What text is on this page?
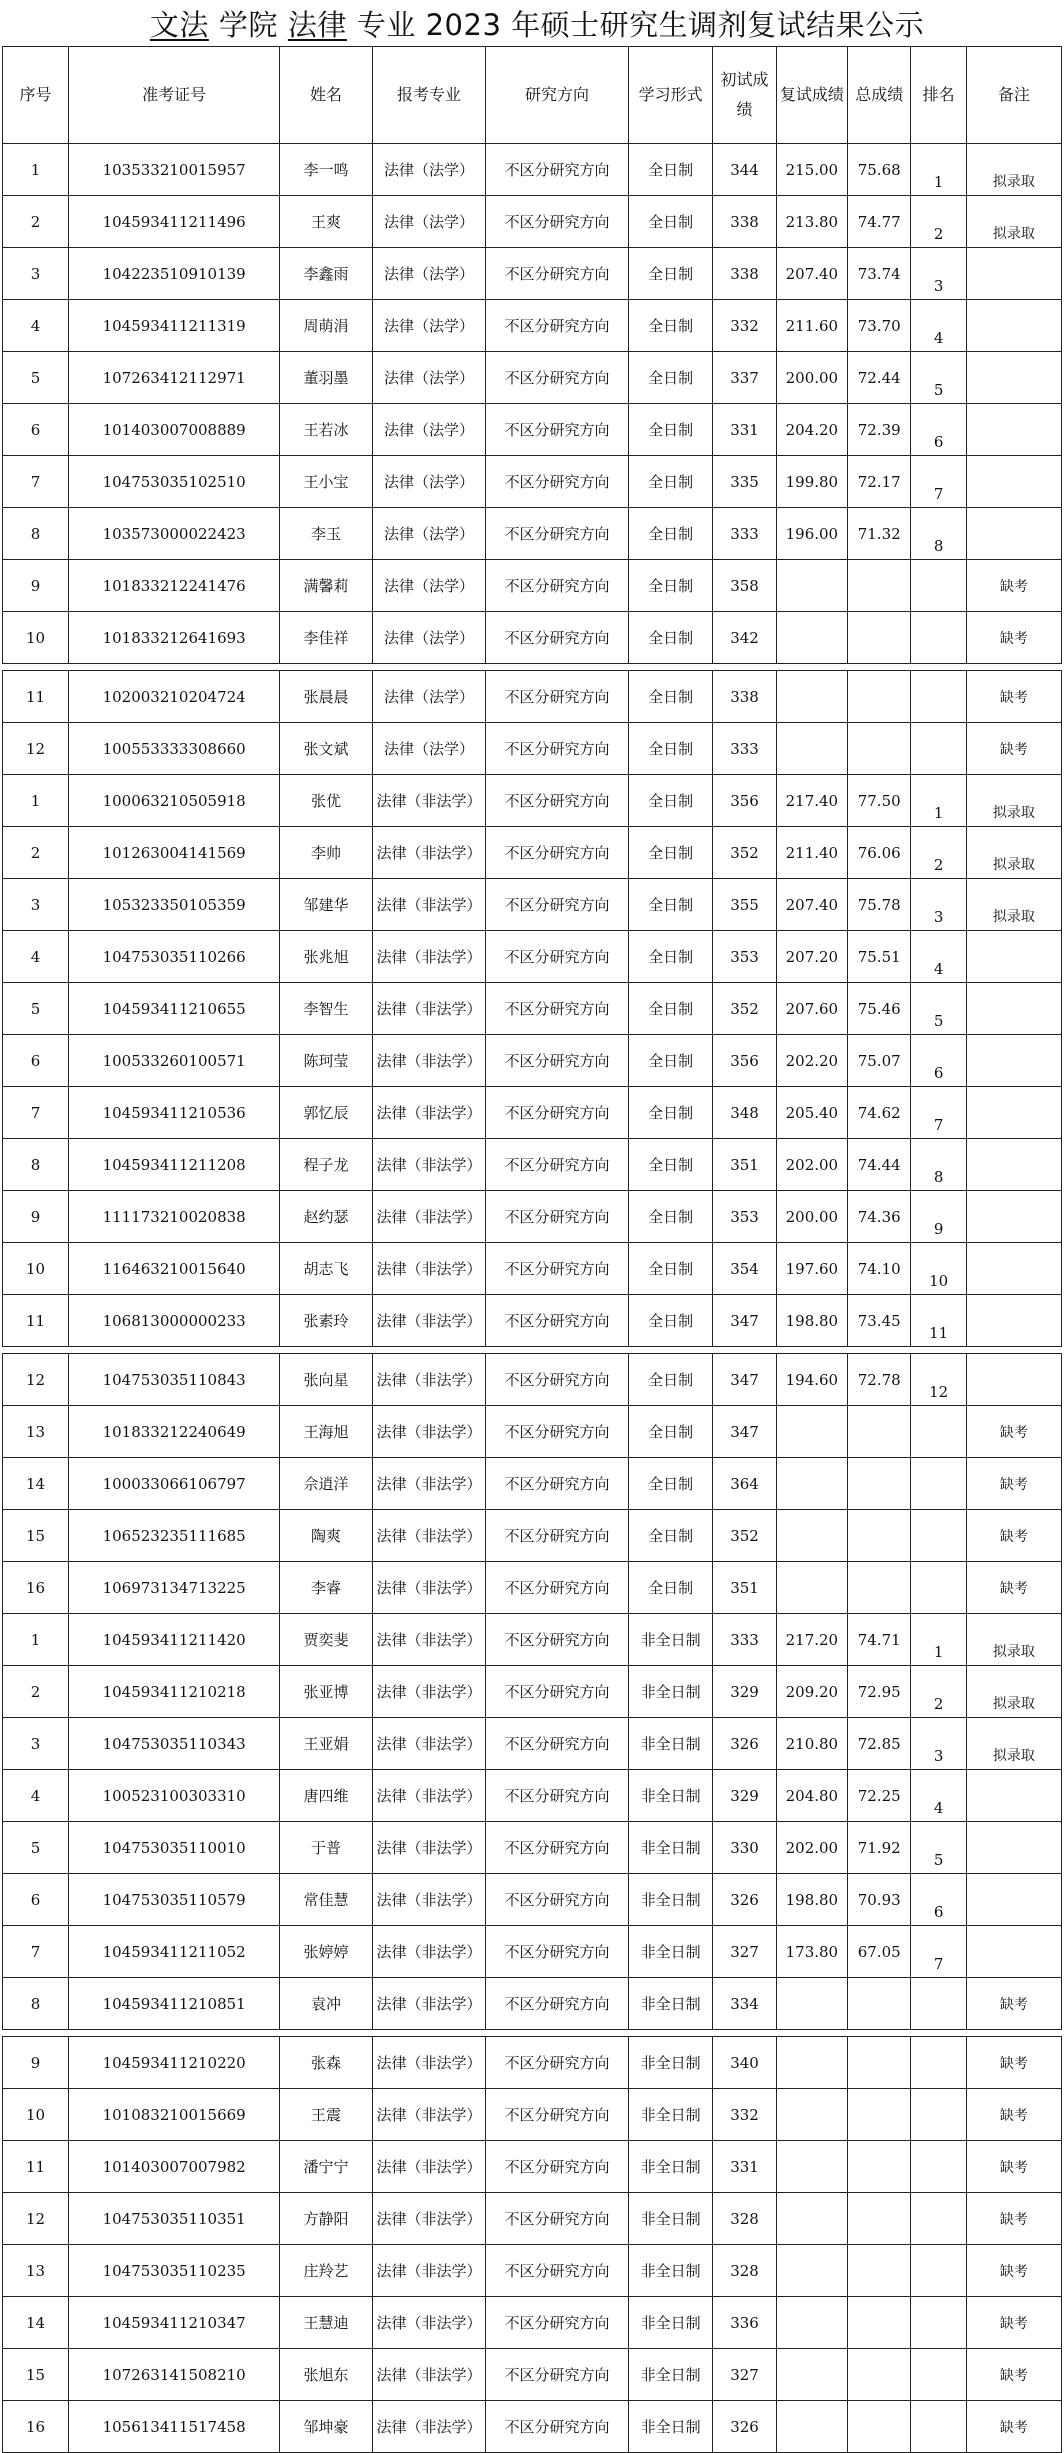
文法 学院 法律 专业 2023 年硕士研究生调剂复试结果公示
序号	准考证号	姓名	报考专业	研究方向	学习形式	初试成绩	复试成绩	总成绩	排名	备注
1	103533210015957	李一鸣	法律（法学）	不区分研究方向	全日制	344	215.00	75.68	1	拟录取
2	104593411211496	王爽	法律（法学）	不区分研究方向	全日制	338	213.80	74.77	2	拟录取
3	104223510910139	李鑫雨	法律（法学）	不区分研究方向	全日制	338	207.40	73.74	3	
4	104593411211319	周萌涓	法律（法学）	不区分研究方向	全日制	332	211.60	73.70	4	
5	107263412112971	董羽墨	法律（法学）	不区分研究方向	全日制	337	200.00	72.44	5	
6	101403007008889	王若冰	法律（法学）	不区分研究方向	全日制	331	204.20	72.39	6	
7	104753035102510	王小宝	法律（法学）	不区分研究方向	全日制	335	199.80	72.17	7	
8	103573000022423	李玉	法律（法学）	不区分研究方向	全日制	333	196.00	71.32	8	
9	101833212241476	满馨莉	法律（法学）	不区分研究方向	全日制	358				缺考
10	101833212641693	李佳祥	法律（法学）	不区分研究方向	全日制	342				缺考

11	102003210204724	张晨晨	法律（法学）	不区分研究方向	全日制	338				缺考
12	100553333308660	张文斌	法律（法学）	不区分研究方向	全日制	333				缺考
1	100063210505918	张优	法律（非法学）	不区分研究方向	全日制	356	217.40	77.50	1	拟录取
2	101263004141569	李帅	法律（非法学）	不区分研究方向	全日制	352	211.40	76.06	2	拟录取
3	105323350105359	邹建华	法律（非法学）	不区分研究方向	全日制	355	207.40	75.78	3	拟录取
4	104753035110266	张兆旭	法律（非法学）	不区分研究方向	全日制	353	207.20	75.51	4	
5	104593411210655	李智生	法律（非法学）	不区分研究方向	全日制	352	207.60	75.46	5	
6	100533260100571	陈珂莹	法律（非法学）	不区分研究方向	全日制	356	202.20	75.07	6	
7	104593411210536	郭忆辰	法律（非法学）	不区分研究方向	全日制	348	205.40	74.62	7	
8	104593411211208	程子龙	法律（非法学）	不区分研究方向	全日制	351	202.00	74.44	8	
9	111173210020838	赵约瑟	法律（非法学）	不区分研究方向	全日制	353	200.00	74.36	9	
10	116463210015640	胡志飞	法律（非法学）	不区分研究方向	全日制	354	197.60	74.10	10	
11	106813000000233	张素玲	法律（非法学）	不区分研究方向	全日制	347	198.80	73.45	11	

12	104753035110843	张向星	法律（非法学）	不区分研究方向	全日制	347	194.60	72.78	12	
13	101833212240649	王海旭	法律（非法学）	不区分研究方向	全日制	347				缺考
14	100033066106797	佘逍洋	法律（非法学）	不区分研究方向	全日制	364				缺考
15	106523235111685	陶爽	法律（非法学）	不区分研究方向	全日制	352				缺考
16	106973134713225	李睿	法律（非法学）	不区分研究方向	全日制	351				缺考
1	104593411211420	贾奕斐	法律（非法学）	不区分研究方向	非全日制	333	217.20	74.71	1	拟录取
2	104593411210218	张亚博	法律（非法学）	不区分研究方向	非全日制	329	209.20	72.95	2	拟录取
3	104753035110343	王亚娟	法律（非法学）	不区分研究方向	非全日制	326	210.80	72.85	3	拟录取
4	100523100303310	唐四维	法律（非法学）	不区分研究方向	非全日制	329	204.80	72.25	4	
5	104753035110010	于普	法律（非法学）	不区分研究方向	非全日制	330	202.00	71.92	5	
6	104753035110579	常佳慧	法律（非法学）	不区分研究方向	非全日制	326	198.80	70.93	6	
7	104593411211052	张婷婷	法律（非法学）	不区分研究方向	非全日制	327	173.80	67.05	7	
8	104593411210851	袁冲	法律（非法学）	不区分研究方向	非全日制	334				缺考

9	104593411210220	张森	法律（非法学）	不区分研究方向	非全日制	340				缺考
10	101083210015669	王震	法律（非法学）	不区分研究方向	非全日制	332				缺考
11	101403007007982	潘宁宁	法律（非法学）	不区分研究方向	非全日制	331				缺考
12	104753035110351	方静阳	法律（非法学）	不区分研究方向	非全日制	328				缺考
13	104753035110235	庄羚艺	法律（非法学）	不区分研究方向	非全日制	328				缺考
14	104593411210347	王慧迪	法律（非法学）	不区分研究方向	非全日制	336				缺考
15	107263141508210	张旭东	法律（非法学）	不区分研究方向	非全日制	327				缺考
16	105613411517458	邹坤豪	法律（非法学）	不区分研究方向	非全日制	326				缺考
